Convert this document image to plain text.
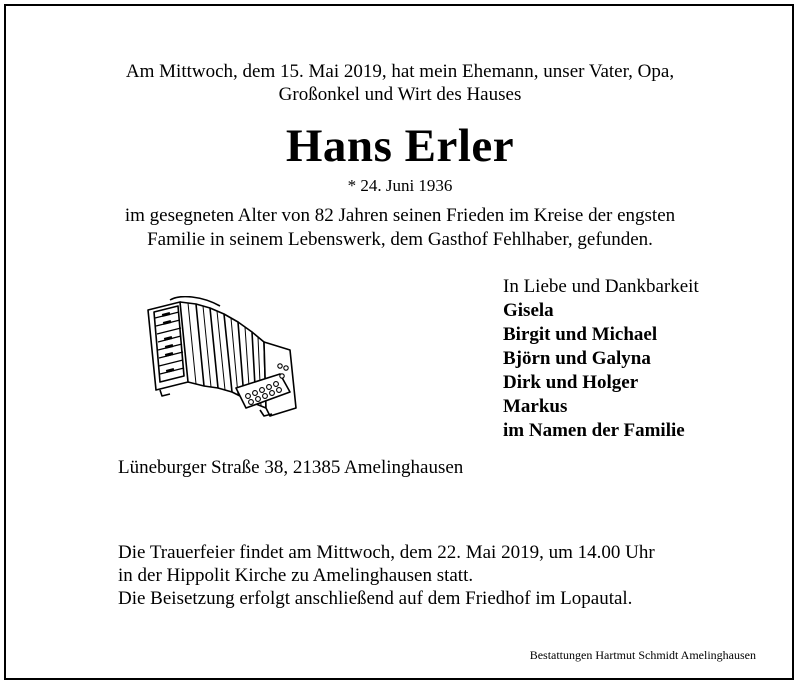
Am Mittwoch, dem 15. Mai 2019, hat mein Ehemann, unser Vater, Opa,
Großonkel und Wirt des Hauses
Hans Erler
* 24. Juni 1936
im gesegneten Alter von 82 Jahren seinen Frieden im Kreise der engsten
Familie in seinem Lebenswerk, dem Gasthof Fehlhaber, gefunden.
In Liebe und Dankbarkeit
Gisela
Birgit und Michael
Björn und Galyna
Dirk und Holger
Markus
im Namen der Familie
Lüneburger Straße 38, 21385 Amelinghausen
Die Trauerfeier findet am Mittwoch, dem 22. Mai 2019, um 14.00 Uhr
in der Hippolit Kirche zu Amelinghausen statt.
Die Beisetzung erfolgt anschließend auf dem Friedhof im Lopautal.
Bestattungen Hartmut Schmidt Amelinghausen
